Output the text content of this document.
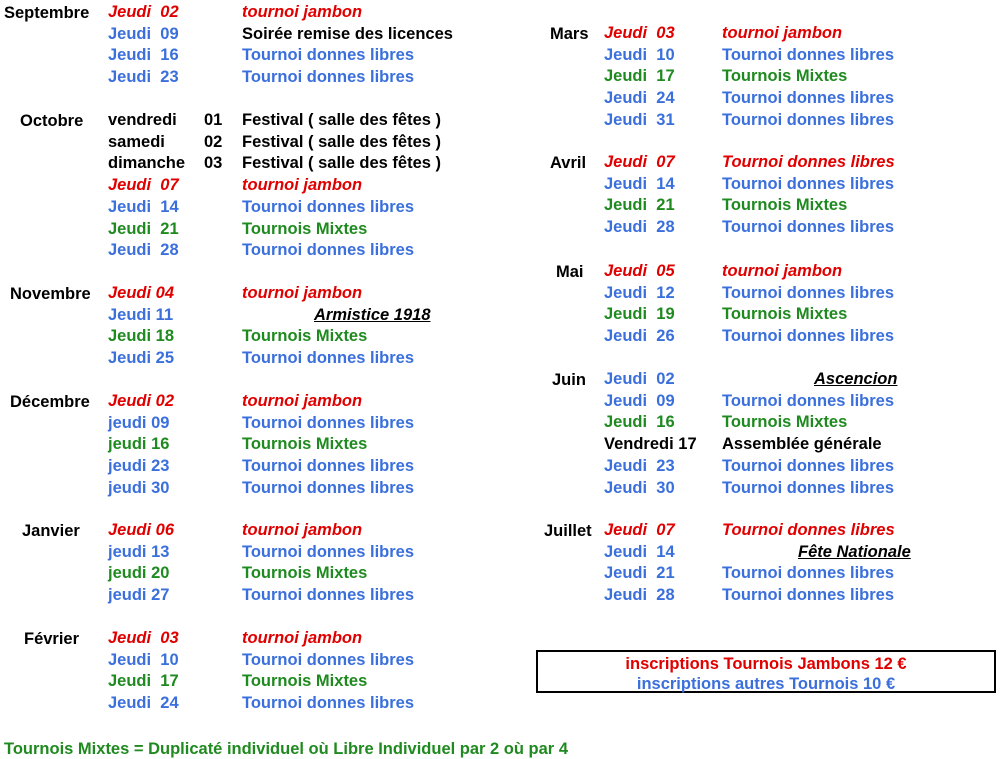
Septembre Jeudi  02	tournoi jambon
Jeudi  09	Soirée remise des licences
Jeudi  16	Tournoi donnes libres
Jeudi  23	Tournoi donnes libres
Octobre vendredi 01 Festival ( salle des fêtes )
samedi 02 Festival ( salle des fêtes )
dimanche 03 Festival ( salle des fêtes )
Jeudi  07	tournoi jambon
Jeudi  14	Tournoi donnes libres
Jeudi  21	Tournois Mixtes
Jeudi  28	Tournoi donnes libres
Novembre Jeudi 04	tournoi jambon
Jeudi 11	Armistice 1918
Jeudi 18	Tournois Mixtes
Jeudi 25	Tournoi donnes libres
Décembre Jeudi 02	tournoi jambon
jeudi 09	Tournoi donnes libres
jeudi 16	Tournois Mixtes
jeudi 23	Tournoi donnes libres
jeudi 30	Tournoi donnes libres
Janvier Jeudi 06	tournoi jambon
jeudi 13	Tournoi donnes libres
jeudi 20	Tournois Mixtes
jeudi 27	Tournoi donnes libres
Février Jeudi  03	tournoi jambon
Jeudi  10	Tournoi donnes libres
Jeudi  17	Tournois Mixtes
Jeudi  24	Tournoi donnes libres
Mars Jeudi  03	tournoi jambon
Jeudi  10	Tournoi donnes libres
Jeudi  17	Tournois Mixtes
Jeudi  24	Tournoi donnes libres
Jeudi  31	Tournoi donnes libres
Avril Jeudi  07	Tournoi donnes libres
Jeudi  14	Tournoi donnes libres
Jeudi  21	Tournois Mixtes
Jeudi  28	Tournoi donnes libres
Mai Jeudi  05	tournoi jambon
Jeudi  12	Tournoi donnes libres
Jeudi  19	Tournois Mixtes
Jeudi  26	Tournoi donnes libres
Juin Jeudi  02	Ascencion
Jeudi  09	Tournoi donnes libres
Jeudi  16	Tournois Mixtes
Vendredi 17 Assemblée générale
Jeudi  23	Tournoi donnes libres
Jeudi  30	Tournoi donnes libres
Juillet Jeudi  07	Tournoi donnes libres
Jeudi  14	Fête Nationale
Jeudi  21	Tournoi donnes libres
Jeudi  28	Tournoi donnes libres
inscriptions Tournois Jambons 12 €
inscriptions autres Tournois 10 €
Tournois Mixtes = Duplicaté individuel où Libre Individuel par 2 où par 4
